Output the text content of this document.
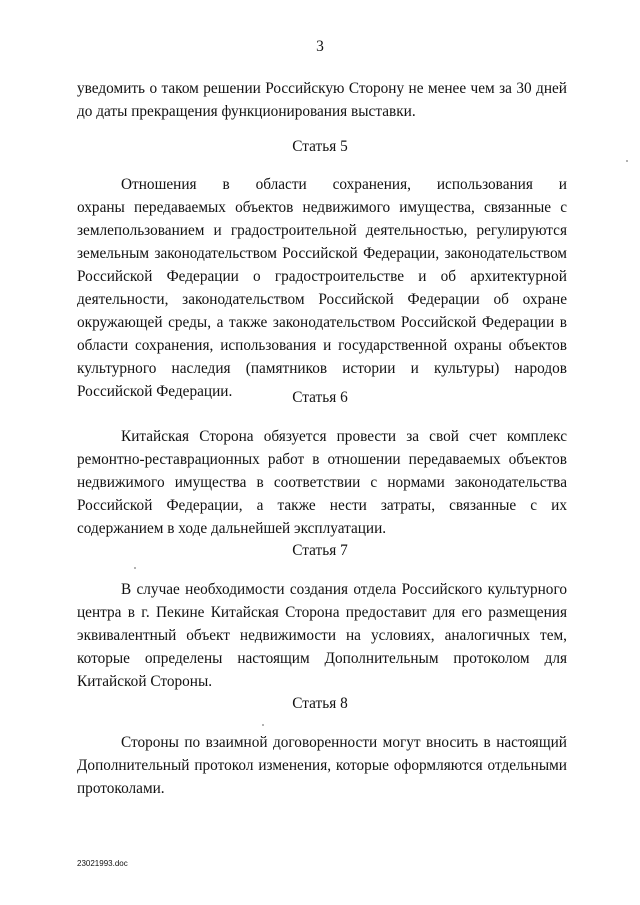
3
уведомить о таком решении Российскую Сторону не менее чем за 30 дней
до даты прекращения функционирования выставки.
Статья 5
Отношения в области сохранения, использования и
охраны передаваемых объектов недвижимого имущества, связанные с
землепользованием и градостроительной деятельностью, регулируются
земельным законодательством Российской Федерации, законодательством
Российской Федерации о градостроительстве и об архитектурной
деятельности, законодательством Российской Федерации об охране
окружающей среды, а также законодательством Российской Федерации в
области сохранения, использования и государственной охраны объектов
культурного наследия (памятников истории и культуры) народов
Российской Федерации.	Статья 6
Китайская Сторона обязуется провести за свой счет комплекс
ремонтно-реставрационных работ в отношении передаваемых объектов
недвижимого имущества в соответствии с нормами законодательства
Российской Федерации, а также нести затраты, связанные с их
содержанием в ходе дальнейшей эксплуатации.
Статья 7
В случае необходимости создания отдела Российского культурного
центра в г. Пекине Китайская Сторона предоставит для его размещения
эквивалентный объект недвижимости на условиях, аналогичных тем,
которые определены настоящим Дополнительным протоколом для
Китайской Стороны.
Статья 8
Стороны по взаимной договоренности могут вносить в настоящий
Дополнительный протокол изменения, которые оформляются отдельными
протоколами.
23021993.doc
